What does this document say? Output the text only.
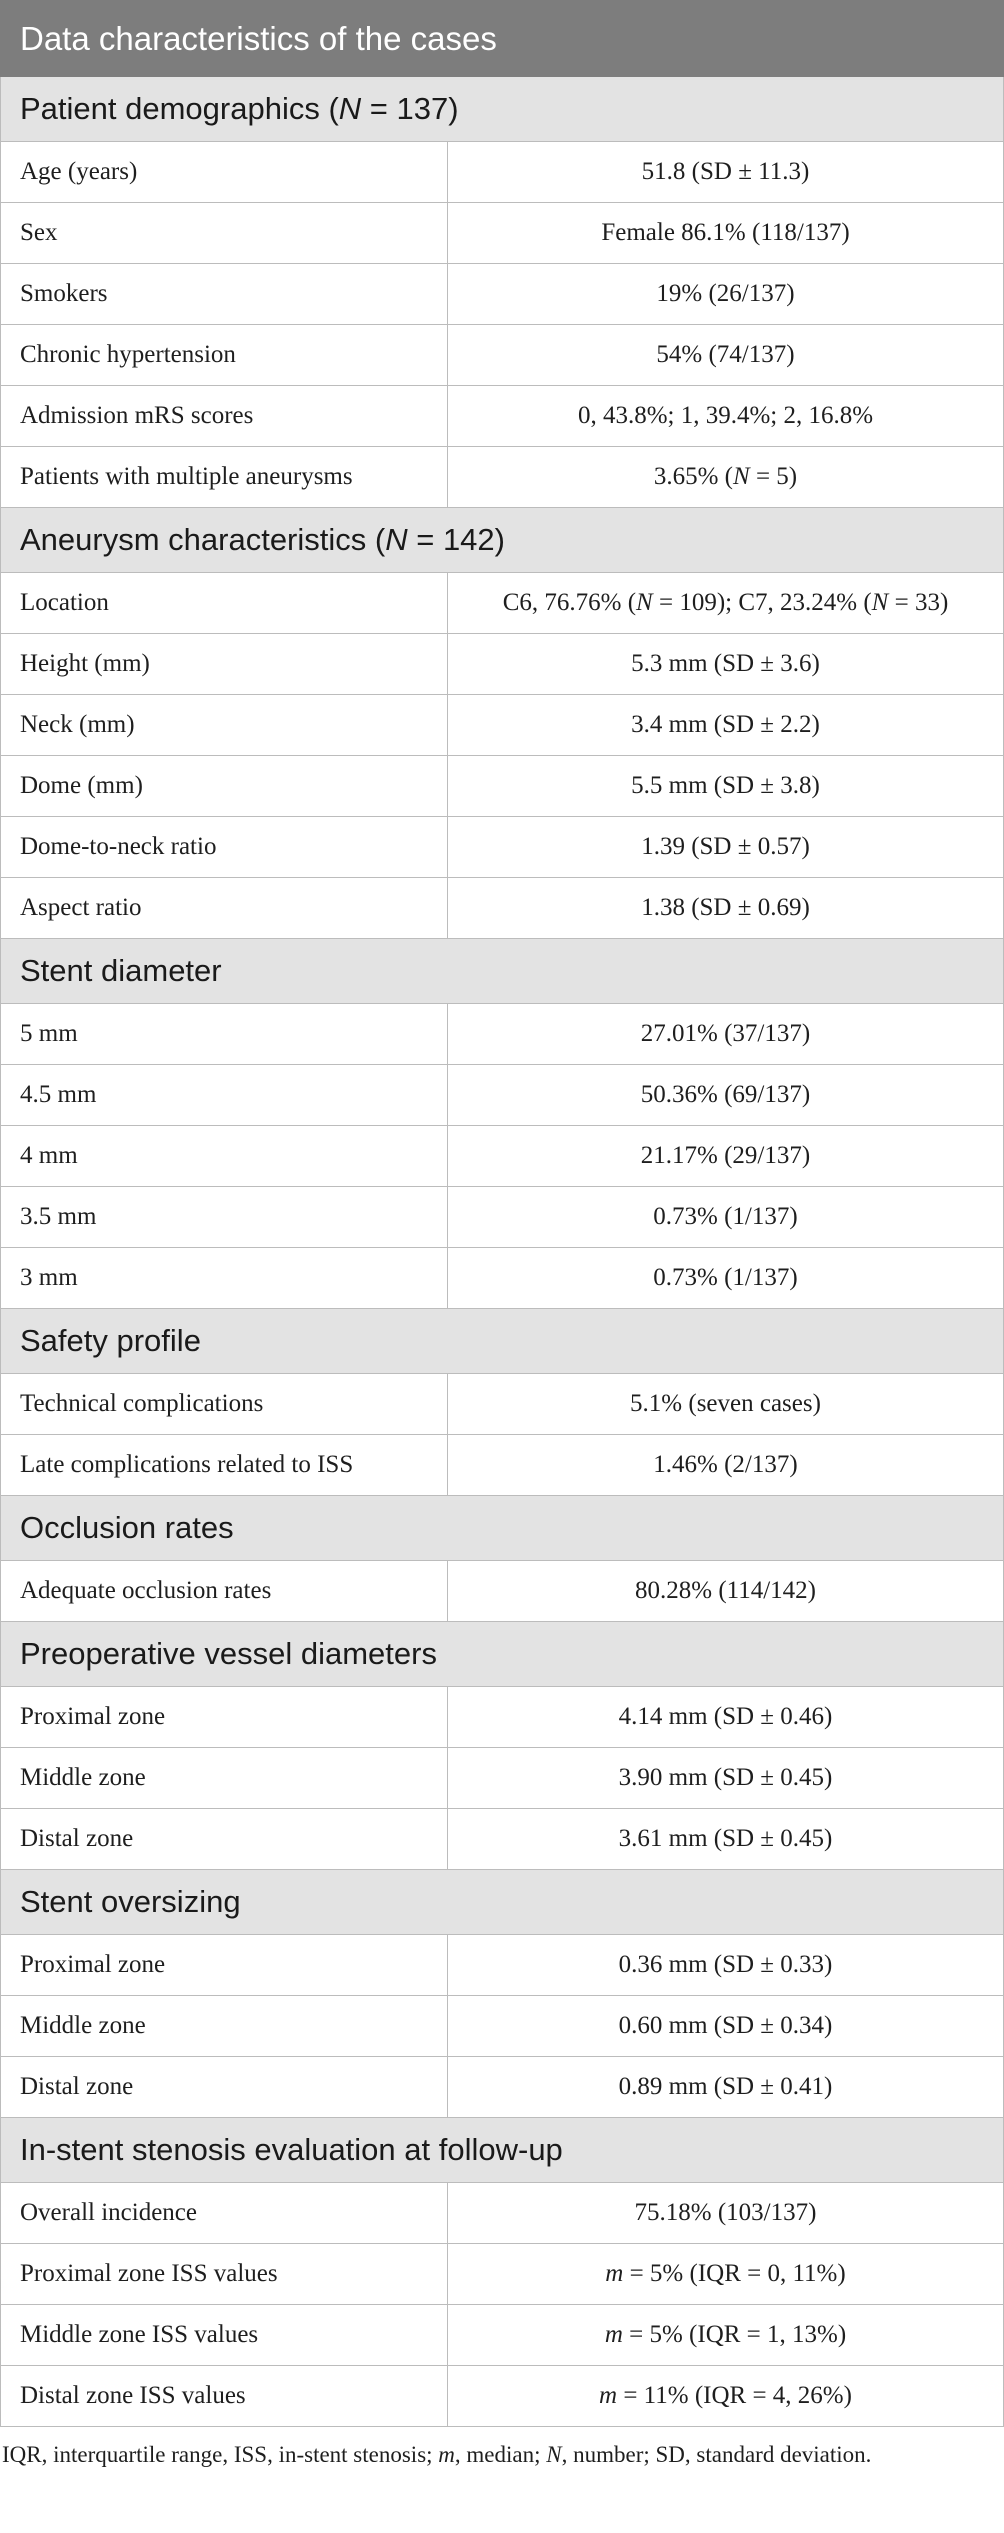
Data characteristics of the cases	
Patient demographics (N = 137)	
Age (years)	51.8 (SD ± 11.3)
Sex	Female 86.1% (118/137)
Smokers	19% (26/137)
Chronic hypertension	54% (74/137)
Admission mRS scores	0, 43.8%; 1, 39.4%; 2, 16.8%
Patients with multiple aneurysms	3.65% (N = 5)
Aneurysm characteristics (N = 142)	
Location	C6, 76.76% (N = 109); C7, 23.24% (N = 33)
Height (mm)	5.3 mm (SD ± 3.6)
Neck (mm)	3.4 mm (SD ± 2.2)
Dome (mm)	5.5 mm (SD ± 3.8)
Dome-to-neck ratio	1.39 (SD ± 0.57)
Aspect ratio	1.38 (SD ± 0.69)
Stent diameter	
5 mm	27.01% (37/137)
4.5 mm	50.36% (69/137)
4 mm	21.17% (29/137)
3.5 mm	0.73% (1/137)
3 mm	0.73% (1/137)
Safety profile	
Technical complications	5.1% (seven cases)
Late complications related to ISS	1.46% (2/137)
Occlusion rates	
Adequate occlusion rates	80.28% (114/142)
Preoperative vessel diameters	
Proximal zone	4.14 mm (SD ± 0.46)
Middle zone	3.90 mm (SD ± 0.45)
Distal zone	3.61 mm (SD ± 0.45)
Stent oversizing	
Proximal zone	0.36 mm (SD ± 0.33)
Middle zone	0.60 mm (SD ± 0.34)
Distal zone	0.89 mm (SD ± 0.41)
In-stent stenosis evaluation at follow-up	
Overall incidence	75.18% (103/137)
Proximal zone ISS values	m = 5% (IQR = 0, 11%)
Middle zone ISS values	m = 5% (IQR = 1, 13%)
Distal zone ISS values	m = 11% (IQR = 4, 26%)
IQR, interquartile range, ISS, in-stent stenosis; m, median; N, number; SD, standard deviation.
